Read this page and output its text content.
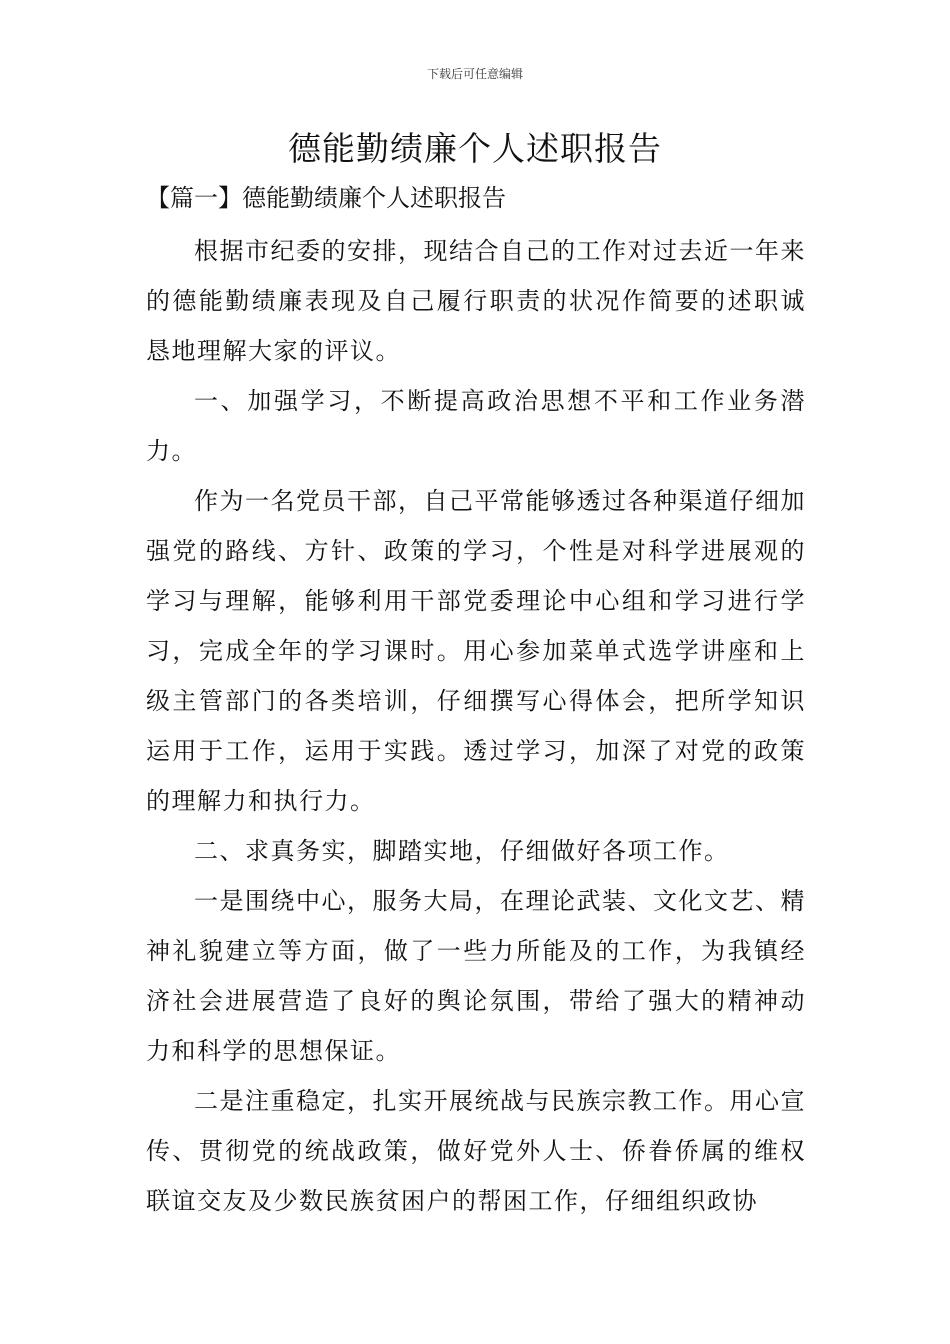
下载后可任意编辑
德能勤绩廉个人述职报告
【篇一】德能勤绩廉个人述职报告

根据市纪委的安排，现结合自己的工作对过去近一年来的德能勤绩廉表现及自己履行职责的状况作简要的述职诚恳地理解大家的评议。

一、加强学习，不断提高政治思想不平和工作业务潜力。

作为一名党员干部，自己平常能够透过各种渠道仔细加强党的路线、方针、政策的学习，个性是对科学进展观的学习与理解，能够利用干部党委理论中心组和学习进行学习，完成全年的学习课时。用心参加菜单式选学讲座和上级主管部门的各类培训，仔细撰写心得体会，把所学知识运用于工作，运用于实践。透过学习，加深了对党的政策的理解力和执行力。

二、求真务实，脚踏实地，仔细做好各项工作。

一是围绕中心，服务大局，在理论武装、文化文艺、精神礼貌建立等方面，做了一些力所能及的工作，为我镇经济社会进展营造了良好的舆论氛围，带给了强大的精神动力和科学的思想保证。

二是注重稳定，扎实开展统战与民族宗教工作。用心宣传、贯彻党的统战政策，做好党外人士、侨眷侨属的维权联谊交友及少数民族贫困户的帮困工作，仔细组织政协
